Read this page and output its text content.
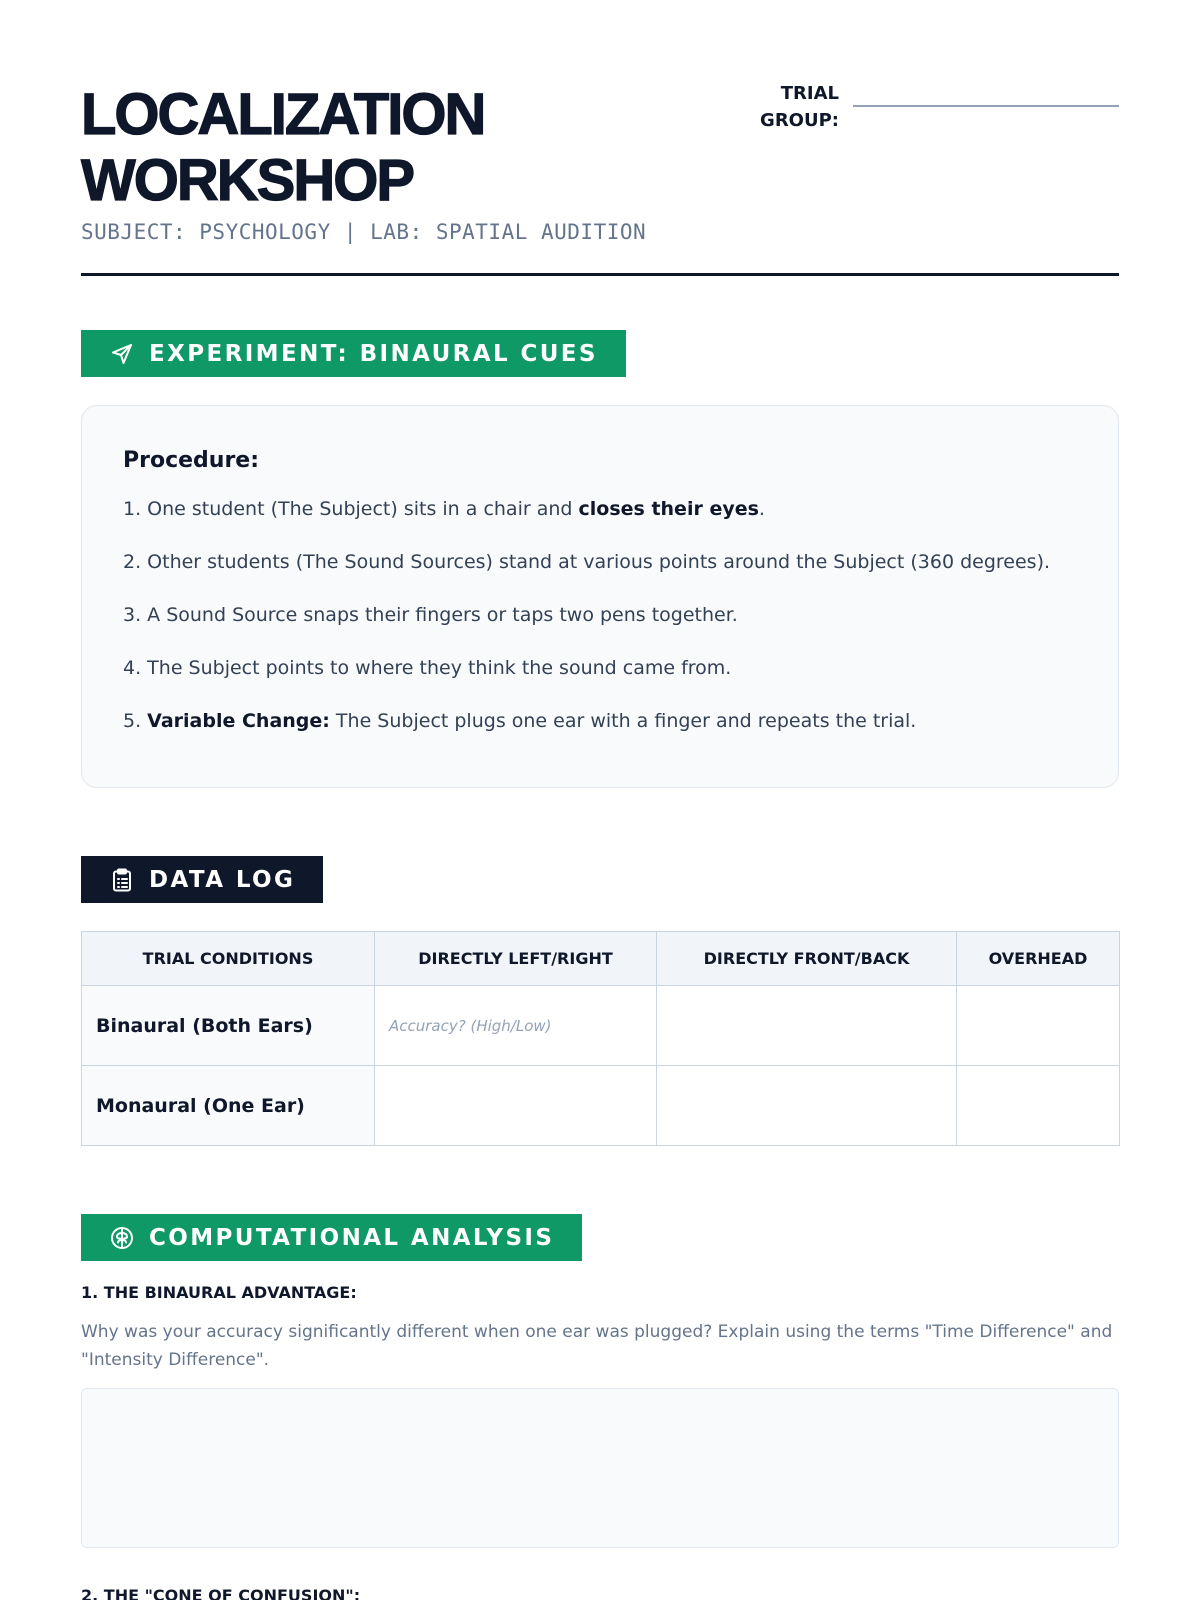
LOCALIZATION
WORKSHOP
SUBJECT: PSYCHOLOGY | LAB: SPATIAL AUDITION
TRIAL
GROUP:
EXPERIMENT: BINAURAL CUES
Procedure:
1. One student (The Subject) sits in a chair and closes their eyes.
2. Other students (The Sound Sources) stand at various points around the Subject (360 degrees).
3. A Sound Source snaps their fingers or taps two pens together.
4. The Subject points to where they think the sound came from.
5. Variable Change: The Subject plugs one ear with a finger and repeats the trial.
DATA LOG
TRIAL CONDITIONS	DIRECTLY LEFT/RIGHT	DIRECTLY FRONT/BACK	OVERHEAD
Binaural (Both Ears)	Accuracy? (High/Low)		
Monaural (One Ear)			
COMPUTATIONAL ANALYSIS
1. THE BINAURAL ADVANTAGE:
Why was your accuracy significantly different when one ear was plugged? Explain using the terms "Time Difference" and "Intensity Difference".
2. THE "CONE OF CONFUSION":
